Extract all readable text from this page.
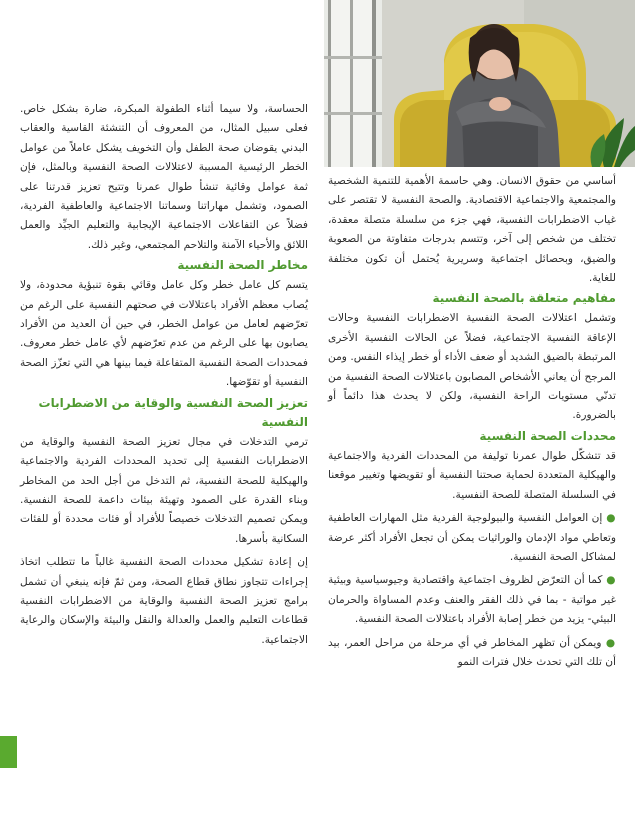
أساسي من حقوق الانسان. وهي حاسمة الأهمية للتنمية الشخصية والمجتمعية والاجتماعية الاقتصادية. والصحة النفسية لا تقتصر على غياب الاضطرابات النفسية، فهي جزء من سلسلة متصلة معقدة، تختلف من شخص إلى آخر، وتتسم بدرجات متفاوتة من الصعوبة والضيق، وبحصائل اجتماعية وسريرية يُحتمل أن تكون مختلفة للغاية.

مفاهيم متعلقة بالصحة النفسية

وتشمل اعتلالات الصحة النفسية الاضطرابات النفسية وحالات الإعاقة النفسية الاجتماعية، فضلاً عن الحالات النفسية الأخرى المرتبطة بالضيق الشديد أو ضعف الأداء أو خطر إيذاء النفس. ومن المرجح أن يعاني الأشخاص المصابون باعتلالات الصحة النفسية من تدنّي مستويات الراحة النفسية، ولكن لا يحدث هذا دائماً أو بالضرورة.

محددات الصحة النفسية

قد تتشكّل طوال عمرنا توليفة من المحددات الفردية والاجتماعية والهيكلية المتعددة لحماية صحتنا النفسية أو تقويضها وتغيير موقعنا في السلسلة المتصلة للصحة النفسية.

● إن العوامل النفسية والبيولوجية الفردية مثل المهارات العاطفية وتعاطي مواد الإدمان والوراثيات يمكن أن تجعل الأفراد أكثر عرضة لمشاكل الصحة النفسية.

● كما أن التعرّض لظروف اجتماعية واقتصادية وجيوسياسية وبيئية غير مواتية - بما في ذلك الفقر والعنف وعدم المساواة والحرمان البيئي- يزيد من خطر إصابة الأفراد باعتلالات الصحة النفسية.

● ويمكن أن تظهر المخاطر في أي مرحلة من مراحل العمر، بيد أن تلك التي تحدث خلال فترات النمو

الحساسة، ولا سيما أثناء الطفولة المبكرة، ضارة بشكل خاص. فعلى سبيل المثال، من المعروف أن التنشئة القاسية والعقاب البدني يقوضان صحة الطفل وأن التخويف يشكل عاملاً من عوامل الخطر الرئيسية المسببة لاعتلالات الصحة النفسية وبالمثل، فإن ثمة عوامل وقائية تنشأ طوال عمرنا وتتيح تعزيز قدرتنا على الصمود، وتشمل مهاراتنا وسماتنا الاجتماعية والعاطفية الفردية، فضلاً عن التفاعلات الاجتماعية الإيجابية والتعليم الجيِّد والعمل اللائق والأحياء الآمنة والتلاحم المجتمعي، وغير ذلك.

مخاطر الصحة النفسية

يتسم كل عامل خطر وكل عامل وقائي بقوة تنبؤية محدودة، ولا يُصاب معظم الأفراد باعتلالات في صحتهم النفسية على الرغم من تعرّضهم لعامل من عوامل الخطر، في حين أن العديد من الأفراد يصابون بها على الرغم من عدم تعرّضهم لأي عامل خطر معروف. فمحددات الصحة النفسية المتفاعلة فيما بينها هي التي تعزّز الصحة النفسية أو تقوّضها.

تعزيز الصحة النفسية والوقاية من الاضطرابات النفسية

ترمي التدخلات في مجال تعزيز الصحة النفسية والوقاية من الاضطرابات النفسية إلى تحديد المحددات الفردية والاجتماعية والهيكلية للصحة النفسية، ثم التدخل من أجل الحد من المخاطر وبناء القدرة على الصمود وتهيئة بيئات داعمة للصحة النفسية. ويمكن تصميم التدخلات خصيصاً للأفراد أو فئات محددة أو للفئات السكانية بأسرها.

إن إعادة تشكيل محددات الصحة النفسية غالباً ما تتطلب اتخاذ إجراءات تتجاوز نطاق قطاع الصحة، ومن ثمّ فإنه ينبغي أن تشمل برامج تعزيز الصحة النفسية والوقاية من الاضطرابات النفسية قطاعات التعليم والعمل والعدالة والنقل والبيئة والإسكان والرعاية الاجتماعية.
